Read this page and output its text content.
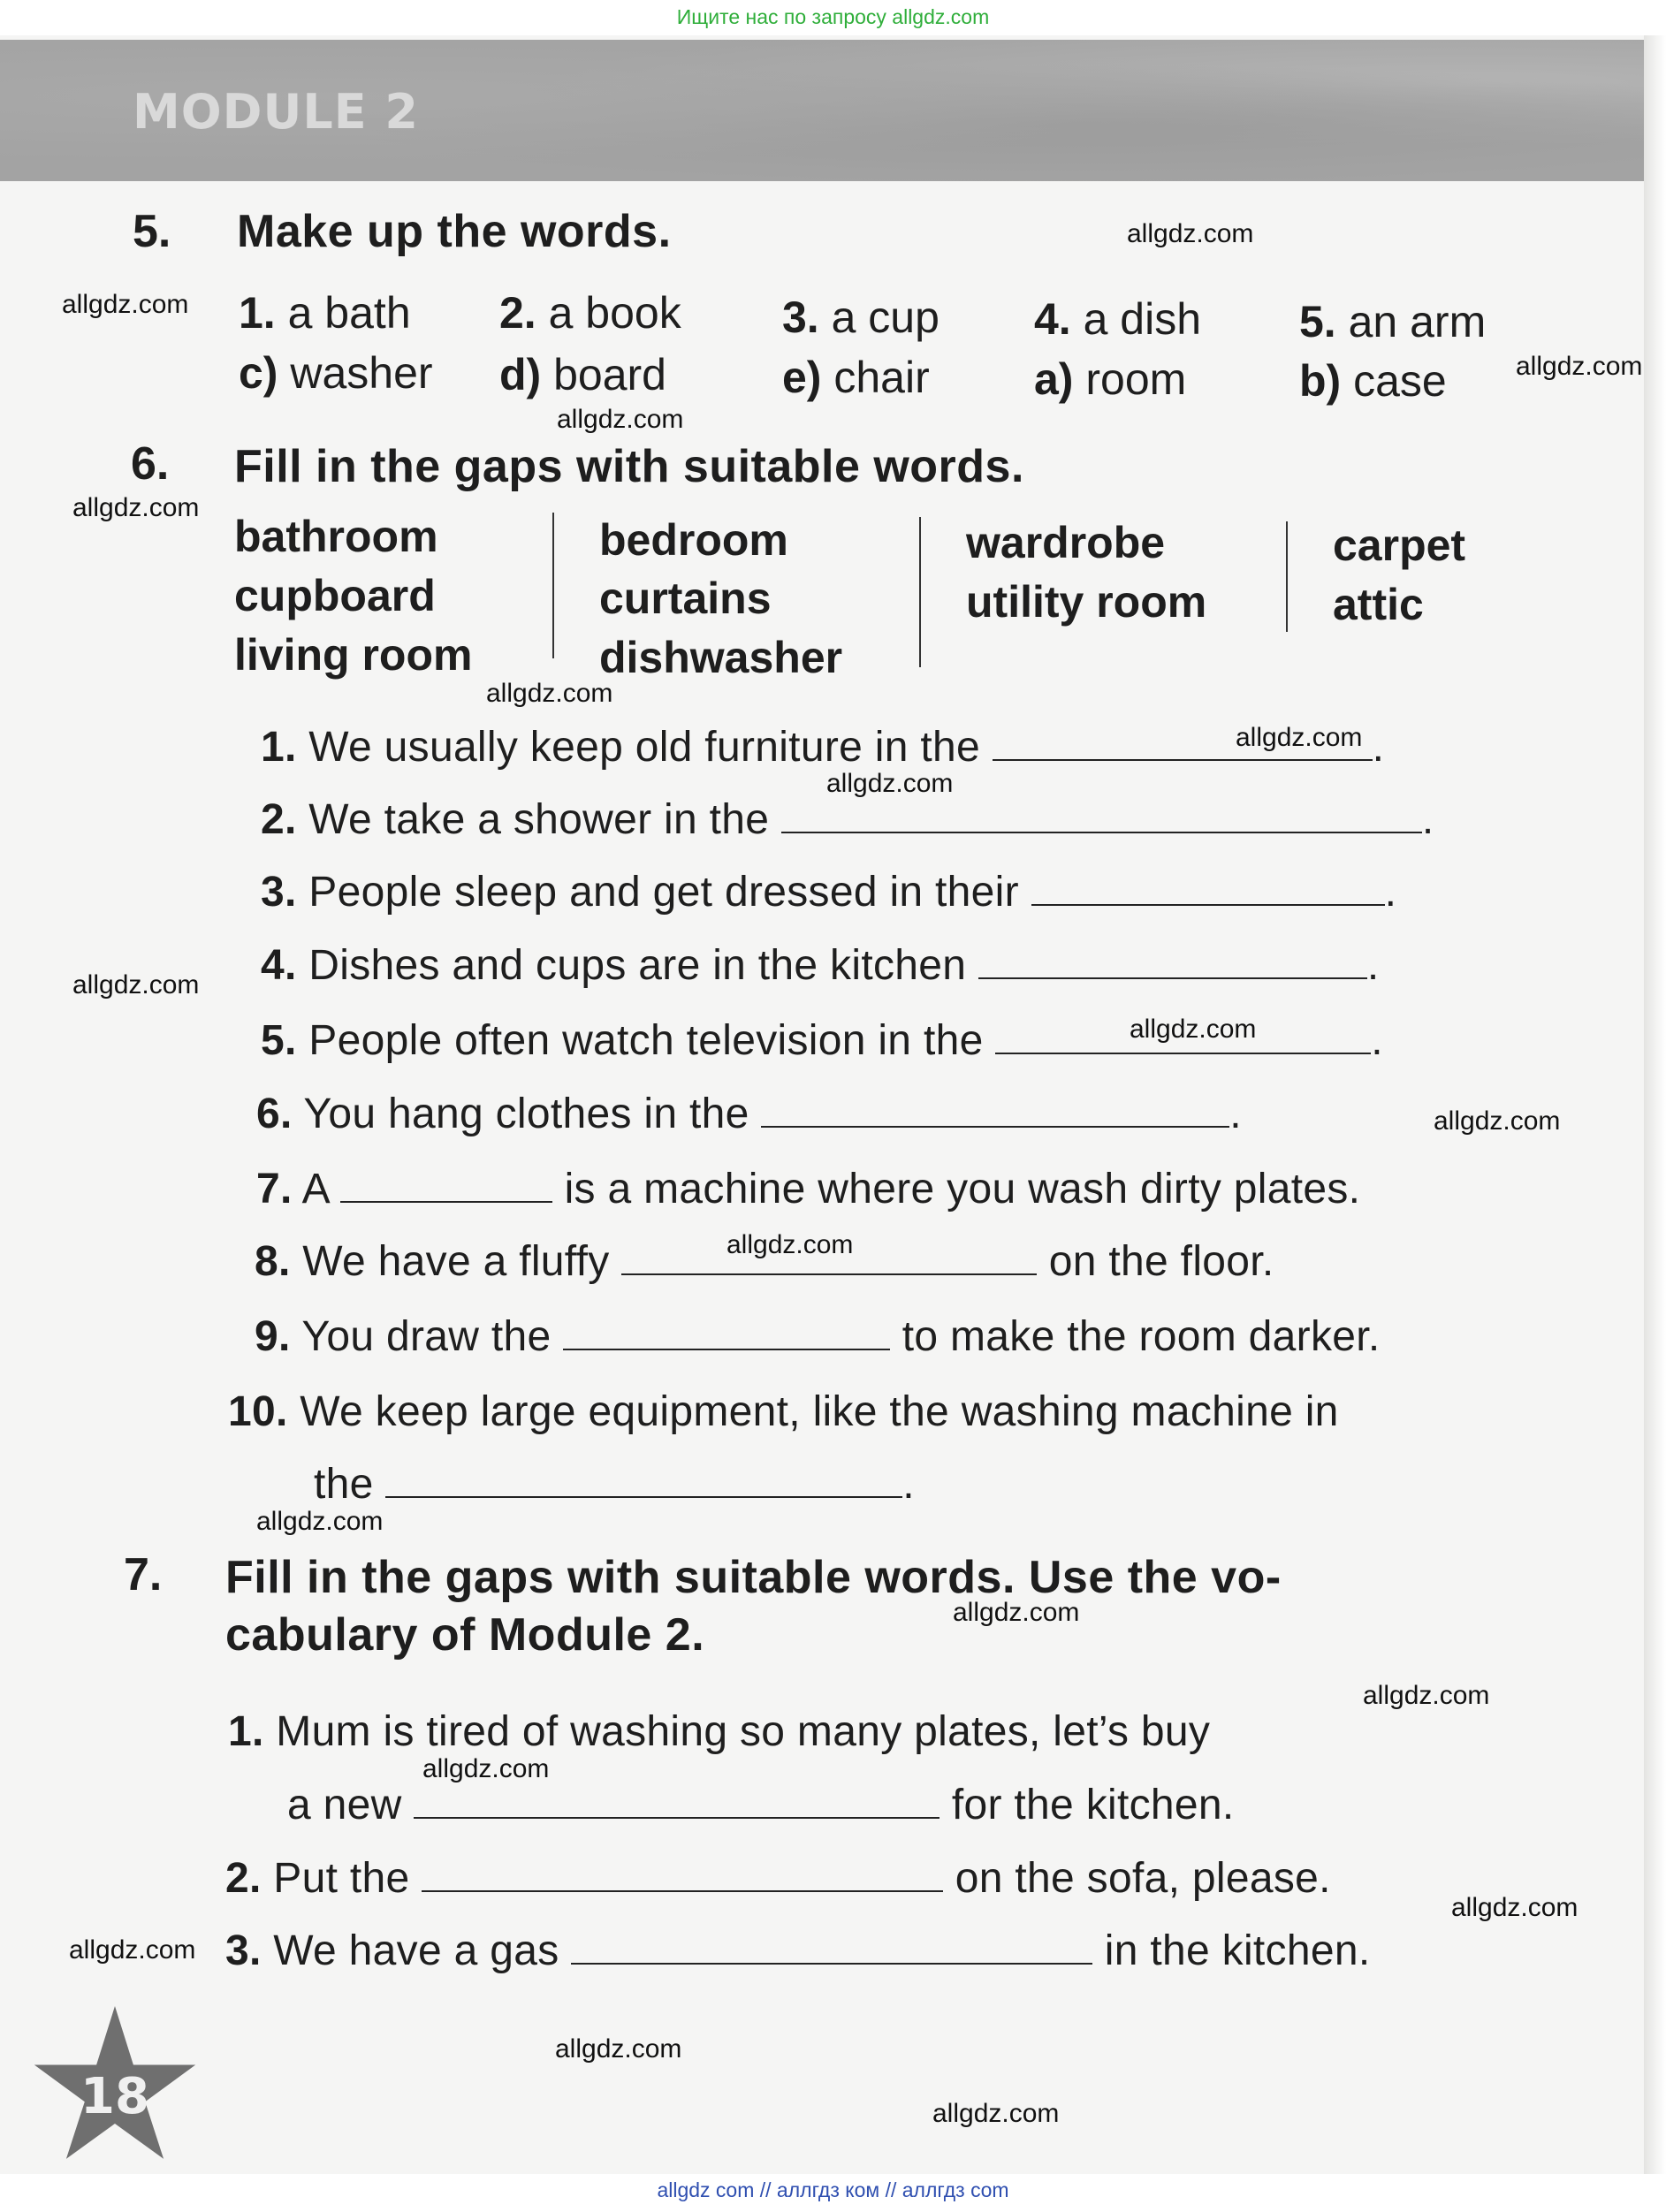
Ищите нас по запросу allgdz.com
MODULE 2
5. Make up the words.
1. a bath 2. a book 3. a cup 4. a dish 5. an arm
c) washer d) board	e) chair a) room	b) case
6. Fill in the gaps with suitable words.
bathroom
cupboard
living room
bedroom
curtains
dishwasher
wardrobe
utility room
carpet
attic
1. We usually keep old furniture in the	.
2. We take a shower in the	.
3. People sleep and get dressed in their	.
4. Dishes and cups are in the kitchen	.
5. People often watch television in the	.
6. You hang clothes in the	.
7. A	is a machine where you wash dirty plates.
8. We have a fluffy	on the floor.
9. You draw the	to make the room darker.
10. We keep large equipment, like the washing machine in
the	.
7. Fill in the gaps with suitable words. Use the vo-
cabulary of Module 2.
1. Mum is tired of washing so many plates, let’s buy
a new	for the kitchen.
2. Put the	on the sofa, please.
3. We have a gas	in the kitchen.
18
allgdz.com
allgdz.com
allgdz.com
allgdz.com
allgdz.com
allgdz.com
allgdz.com
allgdz.com
allgdz.com
allgdz.com
allgdz.com
allgdz.com
allgdz.com
allgdz.com
allgdz.com
allgdz.com
allgdz.com
allgdz.com
allgdz.com
allgdz.com
allgdz com // аллгдз ком // аллгдз com
